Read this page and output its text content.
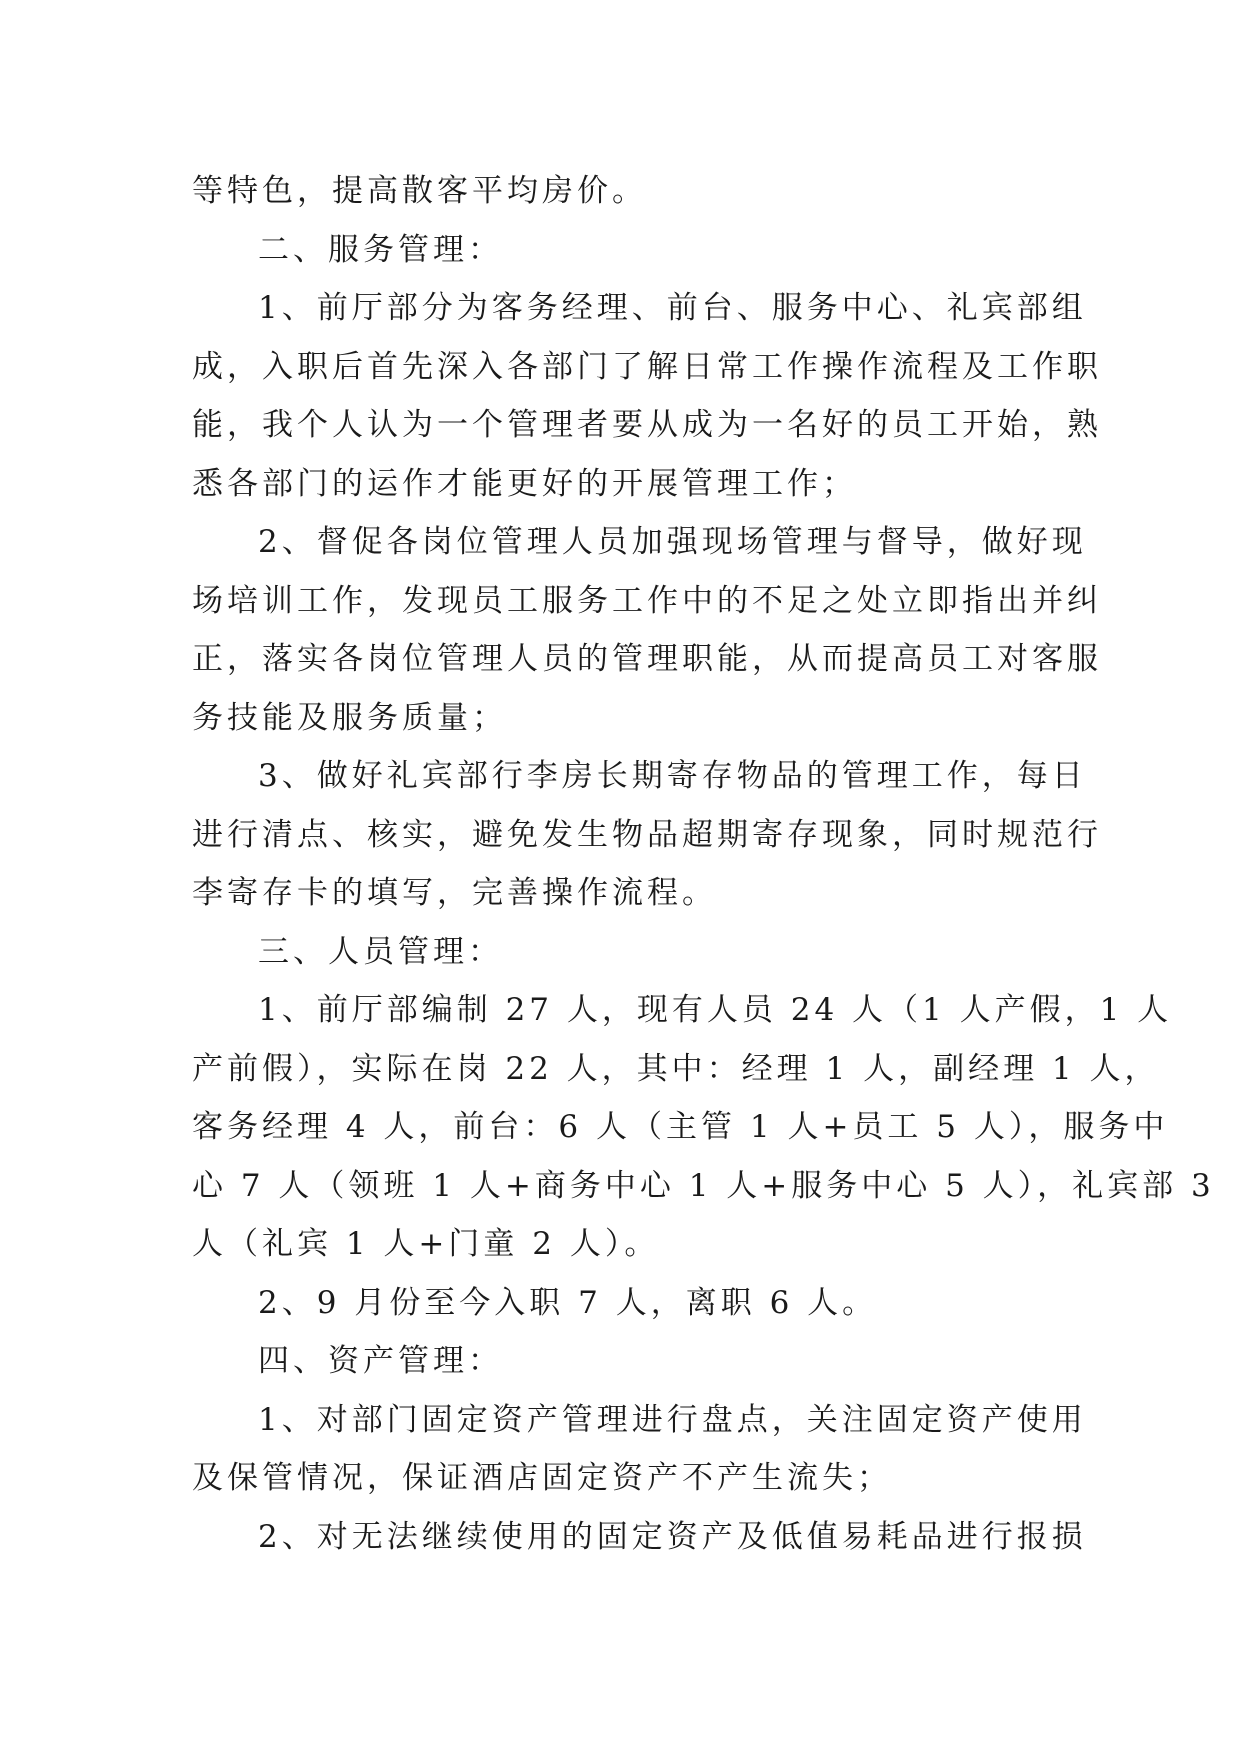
等特色，提高散客平均房价。
二、服务管理：
1、前厅部分为客务经理、前台、服务中心、礼宾部组
成，入职后首先深入各部门了解日常工作操作流程及工作职
能，我个人认为一个管理者要从成为一名好的员工开始，熟
悉各部门的运作才能更好的开展管理工作；
2、督促各岗位管理人员加强现场管理与督导，做好现
场培训工作，发现员工服务工作中的不足之处立即指出并纠
正，落实各岗位管理人员的管理职能，从而提高员工对客服
务技能及服务质量；
3、做好礼宾部行李房长期寄存物品的管理工作，每日
进行清点、核实，避免发生物品超期寄存现象，同时规范行
李寄存卡的填写，完善操作流程。
三、人员管理：
1、前厅部编制 27 人，现有人员 24 人（1 人产假，1 人
产前假），实际在岗 22 人，其中：经理 1 人，副经理 1 人，
客务经理 4 人，前台：6 人（主管 1 人+员工 5 人），服务中
心 7 人（领班 1 人+商务中心 1 人+服务中心 5 人），礼宾部 3
人（礼宾 1 人+门童 2 人）。
2、9 月份至今入职 7 人，离职 6 人。
四、资产管理：
1、对部门固定资产管理进行盘点，关注固定资产使用
及保管情况，保证酒店固定资产不产生流失；
2、对无法继续使用的固定资产及低值易耗品进行报损
